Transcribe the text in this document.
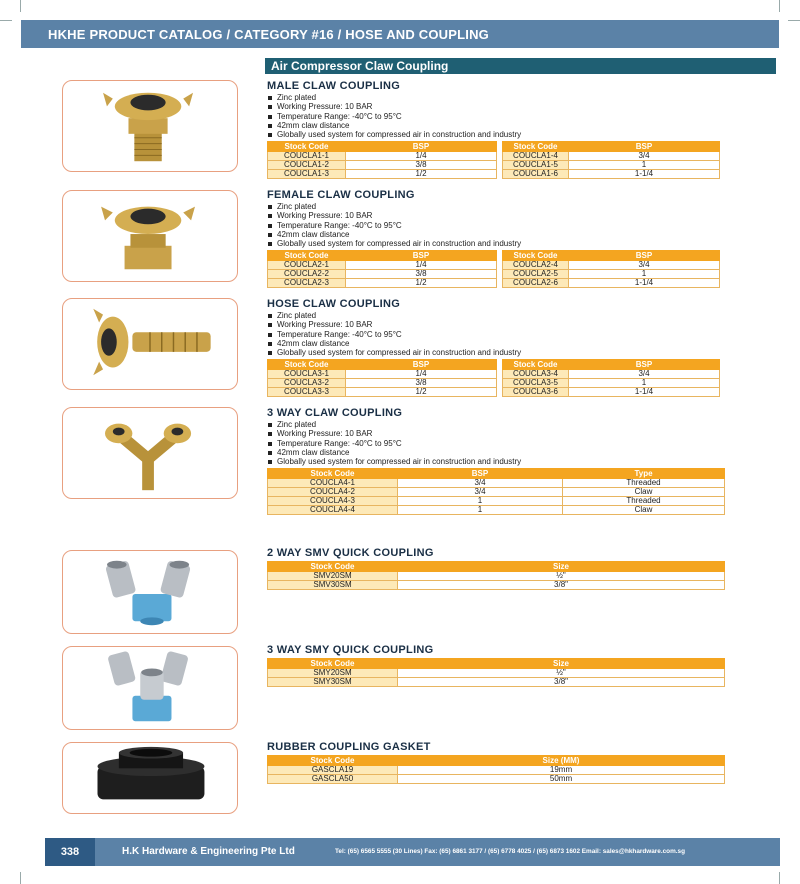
HKHE PRODUCT CATALOG / CATEGORY #16 / HOSE AND COUPLING
Air Compressor Claw Coupling
MALE CLAW COUPLING
Zinc plated
Working Pressure: 10 BAR
Temperature Range: -40°C to 95°C
42mm claw distance
Globally used system for compressed air in construction and industry
Stock Code	BSP
COUCLA1-1	1/4
COUCLA1-2	3/8
COUCLA1-3	1/2
Stock Code	BSP
COUCLA1-4	3/4
COUCLA1-5	1
COUCLA1-6	1-1/4
FEMALE CLAW COUPLING
Zinc plated
Working Pressure: 10 BAR
Temperature Range: -40°C to 95°C
42mm claw distance
Globally used system for compressed air in construction and industry
Stock Code	BSP
COUCLA2-1	1/4
COUCLA2-2	3/8
COUCLA2-3	1/2
Stock Code	BSP
COUCLA2-4	3/4
COUCLA2-5	1
COUCLA2-6	1-1/4
HOSE CLAW COUPLING
Zinc plated
Working Pressure: 10 BAR
Temperature Range: -40°C to 95°C
42mm claw distance
Globally used system for compressed air in construction and industry
Stock Code	BSP
COUCLA3-1	1/4
COUCLA3-2	3/8
COUCLA3-3	1/2
Stock Code	BSP
COUCLA3-4	3/4
COUCLA3-5	1
COUCLA3-6	1-1/4
3 WAY CLAW COUPLING
Zinc plated
Working Pressure: 10 BAR
Temperature Range: -40°C to 95°C
42mm claw distance
Globally used system for compressed air in construction and industry
Stock Code	BSP	Type
COUCLA4-1	3/4	Threaded
COUCLA4-2	3/4	Claw
COUCLA4-3	1	Threaded
COUCLA4-4	1	Claw
2 WAY SMV QUICK COUPLING
Stock Code	Size
SMV20SM	½"
SMV30SM	3/8"
3 WAY SMY QUICK COUPLING
Stock Code	Size
SMY20SM	½"
SMY30SM	3/8"
RUBBER COUPLING GASKET
Stock Code	Size (MM)
GASCLA19	19mm
GASCLA50	50mm
338	H.K Hardware & Engineering Pte Ltd	Tel: (65) 6565 5555 (30 Lines) Fax: (65) 6861 3177 / (65) 6778 4025 / (65) 6873 1602 Email: sales@hkhardware.com.sg
